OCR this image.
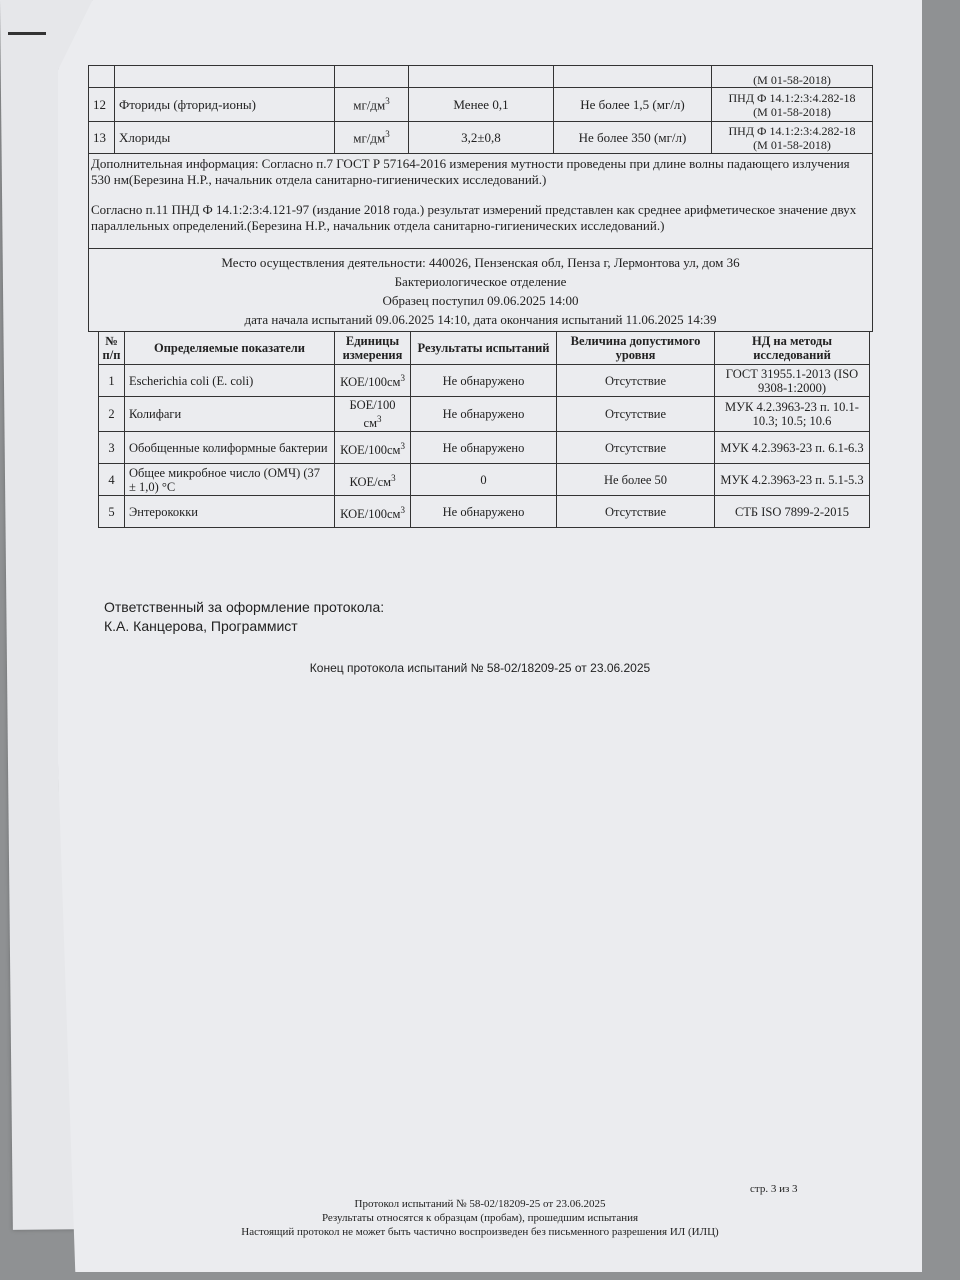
					(М 01-58-2018)
12	Фториды (фторид-ионы)	$мг/дм^3$	Менее 0,1	Не более 1,5 (мг/л)	ПНД Ф 14.1:2:3:4.282-18
(М 01-58-2018)

13	Хлориды	$мг/дм^3$	3,2±0,8	Не более 350 (мг/л)	ПНД Ф 14.1:2:3:4.282-18
(М 01-58-2018)

Дополнительная информация: Согласно п.7 ГОСТ Р 57164-2016 измерения мутности проведены при длине волны падающего излучения 530 нм(Березина Н.Р., начальник отдела санитарно-гигиенических исследований.)

Согласно п.11 ПНД Ф 14.1:2:3:4.121-97 (издание 2018 года.) результат измерений представлен как среднее арифметическое значение двух параллельных определений.(Березина Н.Р., начальник отдела санитарно-гигиенических исследований.)					

Место осуществления деятельности: 440026, Пензенская обл, Пенза г, Лермонтова ул, дом 36
Бактериологическое отделение
Образец поступил 09.06.2025 14:00
дата начала испытаний 09.06.2025 14:10, дата окончания испытаний 11.06.2025 14:39					
№ п/п	Определяемые показатели	Единицы измерения	Результаты испытаний	Величина допустимого уровня	НД на методы исследований
1	Escherichia coli (E. coli)	КОЕ/$100см^3$	Не обнаружено	Отсутствие	ГОСТ 31955.1-2013 (ISO 9308-1:2000)
2	Колифаги	БОЕ/100 $см^3$	Не обнаружено	Отсутствие	МУК 4.2.3963-23 п. 10.1-10.3; 10.5; 10.6
3	Обобщенные колиформные бактерии	КОЕ/$100см^3$	Не обнаружено	Отсутствие	МУК 4.2.3963-23 п. 6.1-6.3
4	Общее микробное число (ОМЧ) (37 ± 1,0) °C	КОЕ/$см^3$	0	Не более 50	МУК 4.2.3963-23 п. 5.1-5.3
5	Энтерококки	КОЕ/$100см^3$	Не обнаружено	Отсутствие	СТБ ISO 7899-2-2015
Ответственный за оформление протокола:
К.А. Канцерова, Программист
Конец протокола испытаний № 58-02/18209-25 от 23.06.2025
стр. 3 из 3
Протокол испытаний № 58-02/18209-25 от 23.06.2025
Результаты относятся к образцам (пробам), прошедшим испытания
Настоящий протокол не может быть частично воспроизведен без письменного разрешения ИЛ (ИЛЦ)
